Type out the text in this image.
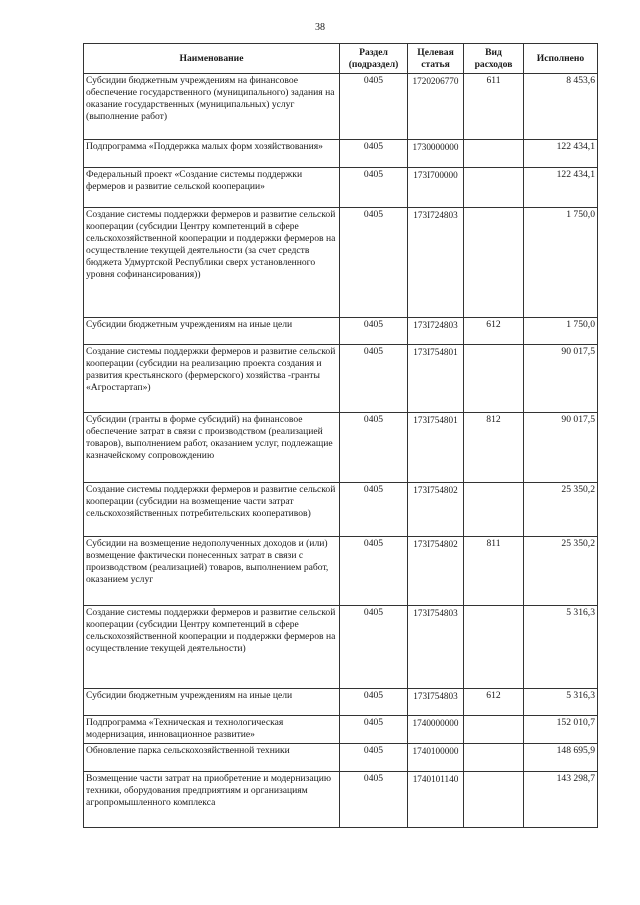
38
Наименование	Раздел (подраздел)	Целевая статья	Вид расходов	Исполнено
Субсидии бюджетным учреждениям на финансовое обеспечение государственного (муниципального) задания на оказание государственных (муниципальных) услуг (выполнение работ)	0405	1720206770	611	8 453,6
Подпрограмма «Поддержка малых форм хозяйствования»	0405	1730000000		122 434,1
Федеральный проект «Создание системы поддержки фермеров и развитие сельской кооперации»	0405	173I700000		122 434,1
Создание системы поддержки фермеров и развитие сельской кооперации (субсидии Центру компетенций в сфере сельскохозяйственной кооперации и поддержки фермеров на осуществление текущей деятельности (за счет средств бюджета Удмуртской Республики сверх установленного уровня софинансирования))	0405	173I724803		1 750,0
Субсидии бюджетным учреждениям на иные цели	0405	173I724803	612	1 750,0
Создание системы поддержки фермеров и развитие сельской кооперации (субсидии на реализацию проекта создания и развития крестьянского (фермерского) хозяйства -гранты «Агростартап»)	0405	173I754801		90 017,5
Субсидии (гранты в форме субсидий) на финансовое обеспечение затрат в связи с производством (реализацией товаров), выполнением работ, оказанием услуг, подлежащие казначейскому сопровождению	0405	173I754801	812	90 017,5
Создание системы поддержки фермеров и развитие сельской кооперации (субсидии на возмещение части затрат сельскохозяйственных потребительских кооперативов)	0405	173I754802		25 350,2
Субсидии на возмещение недополученных доходов и (или) возмещение фактически понесенных затрат в связи с производством (реализацией) товаров, выполнением работ, оказанием услуг	0405	173I754802	811	25 350,2
Создание системы поддержки фермеров и развитие сельской кооперации (субсидии Центру компетенций в сфере сельскохозяйственной кооперации и поддержки фермеров на осуществление текущей деятельности)	0405	173I754803		5 316,3
Субсидии бюджетным учреждениям на иные цели	0405	173I754803	612	5 316,3
Подпрограмма «Техническая и технологическая модернизация, инновационное развитие»	0405	1740000000		152 010,7
Обновление парка сельскохозяйственной техники	0405	1740100000		148 695,9
Возмещение части затрат на приобретение и модернизацию техники, оборудования предприятиям и организациям агропромышленного комплекса	0405	1740101140		143 298,7
